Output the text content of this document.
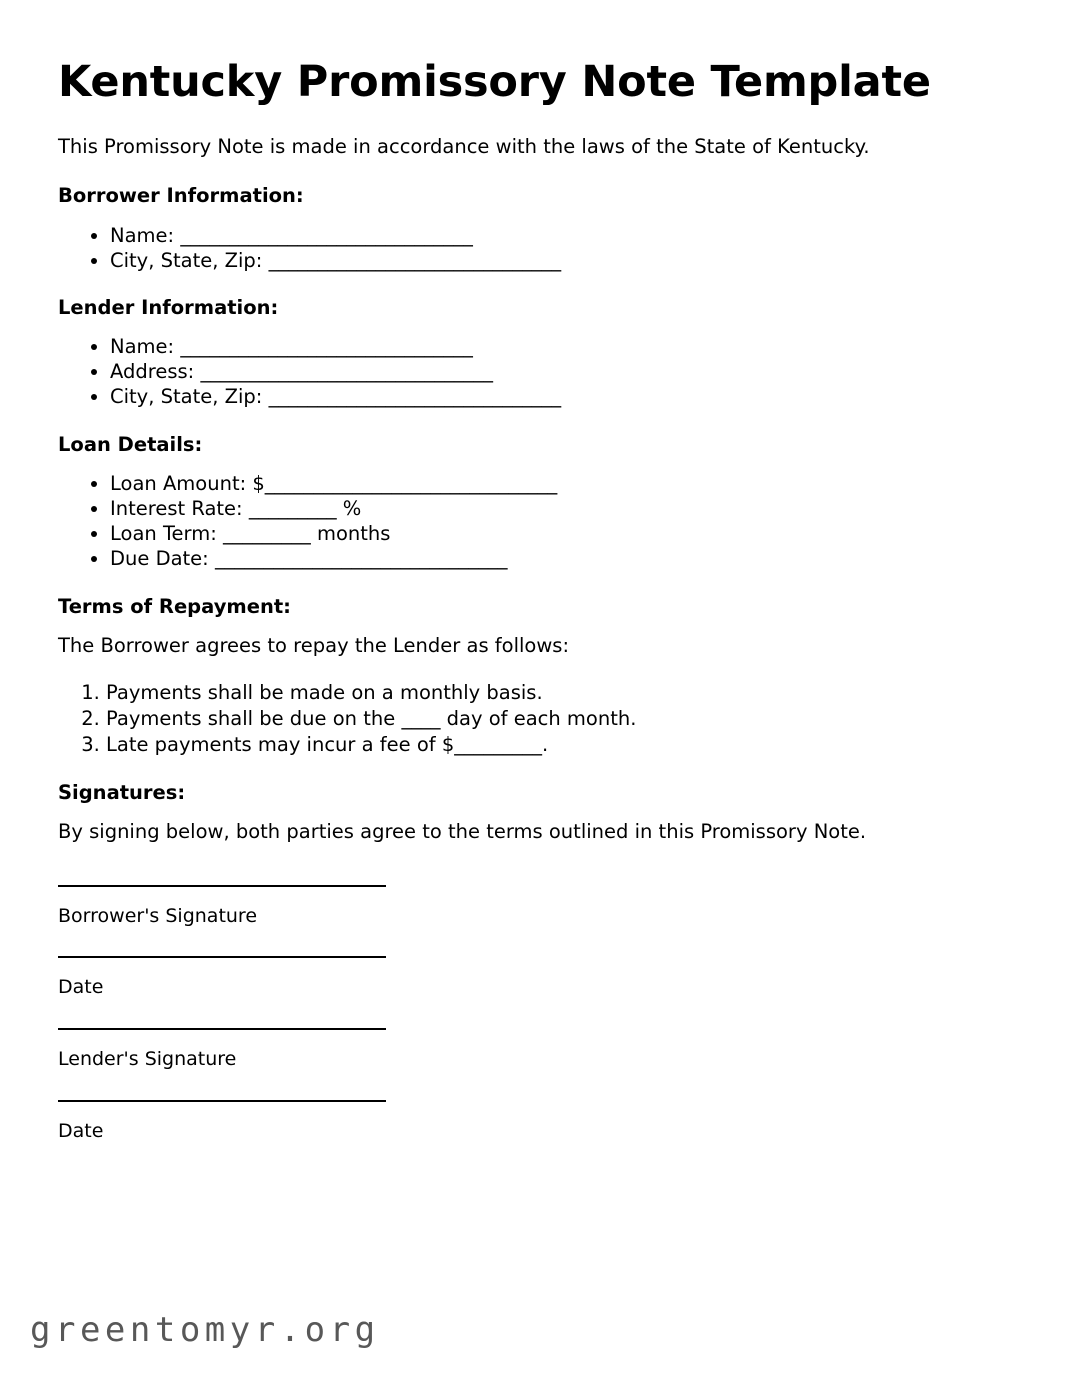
Kentucky Promissory Note Template

This Promissory Note is made in accordance with the laws of the State of Kentucky.

Borrower Information:
• Name: ______________________________
• City, State, Zip: ______________________________
Lender Information:
• Name: ______________________________
• Address: ______________________________
• City, State, Zip: ______________________________
Loan Details:
• Loan Amount: $______________________________
• Interest Rate: _________ %
• Loan Term: _________ months
• Due Date: ______________________________
Terms of Repayment:

The Borrower agrees to repay the Lender as follows:

1. Payments shall be made on a monthly basis.
2. Payments shall be due on the ____ day of each month.
3. Late payments may incur a fee of $_________.
Signatures:

By signing below, both parties agree to the terms outlined in this Promissory Note.

Borrower's Signature

Date

Lender's Signature

Date

greentomyr.org
